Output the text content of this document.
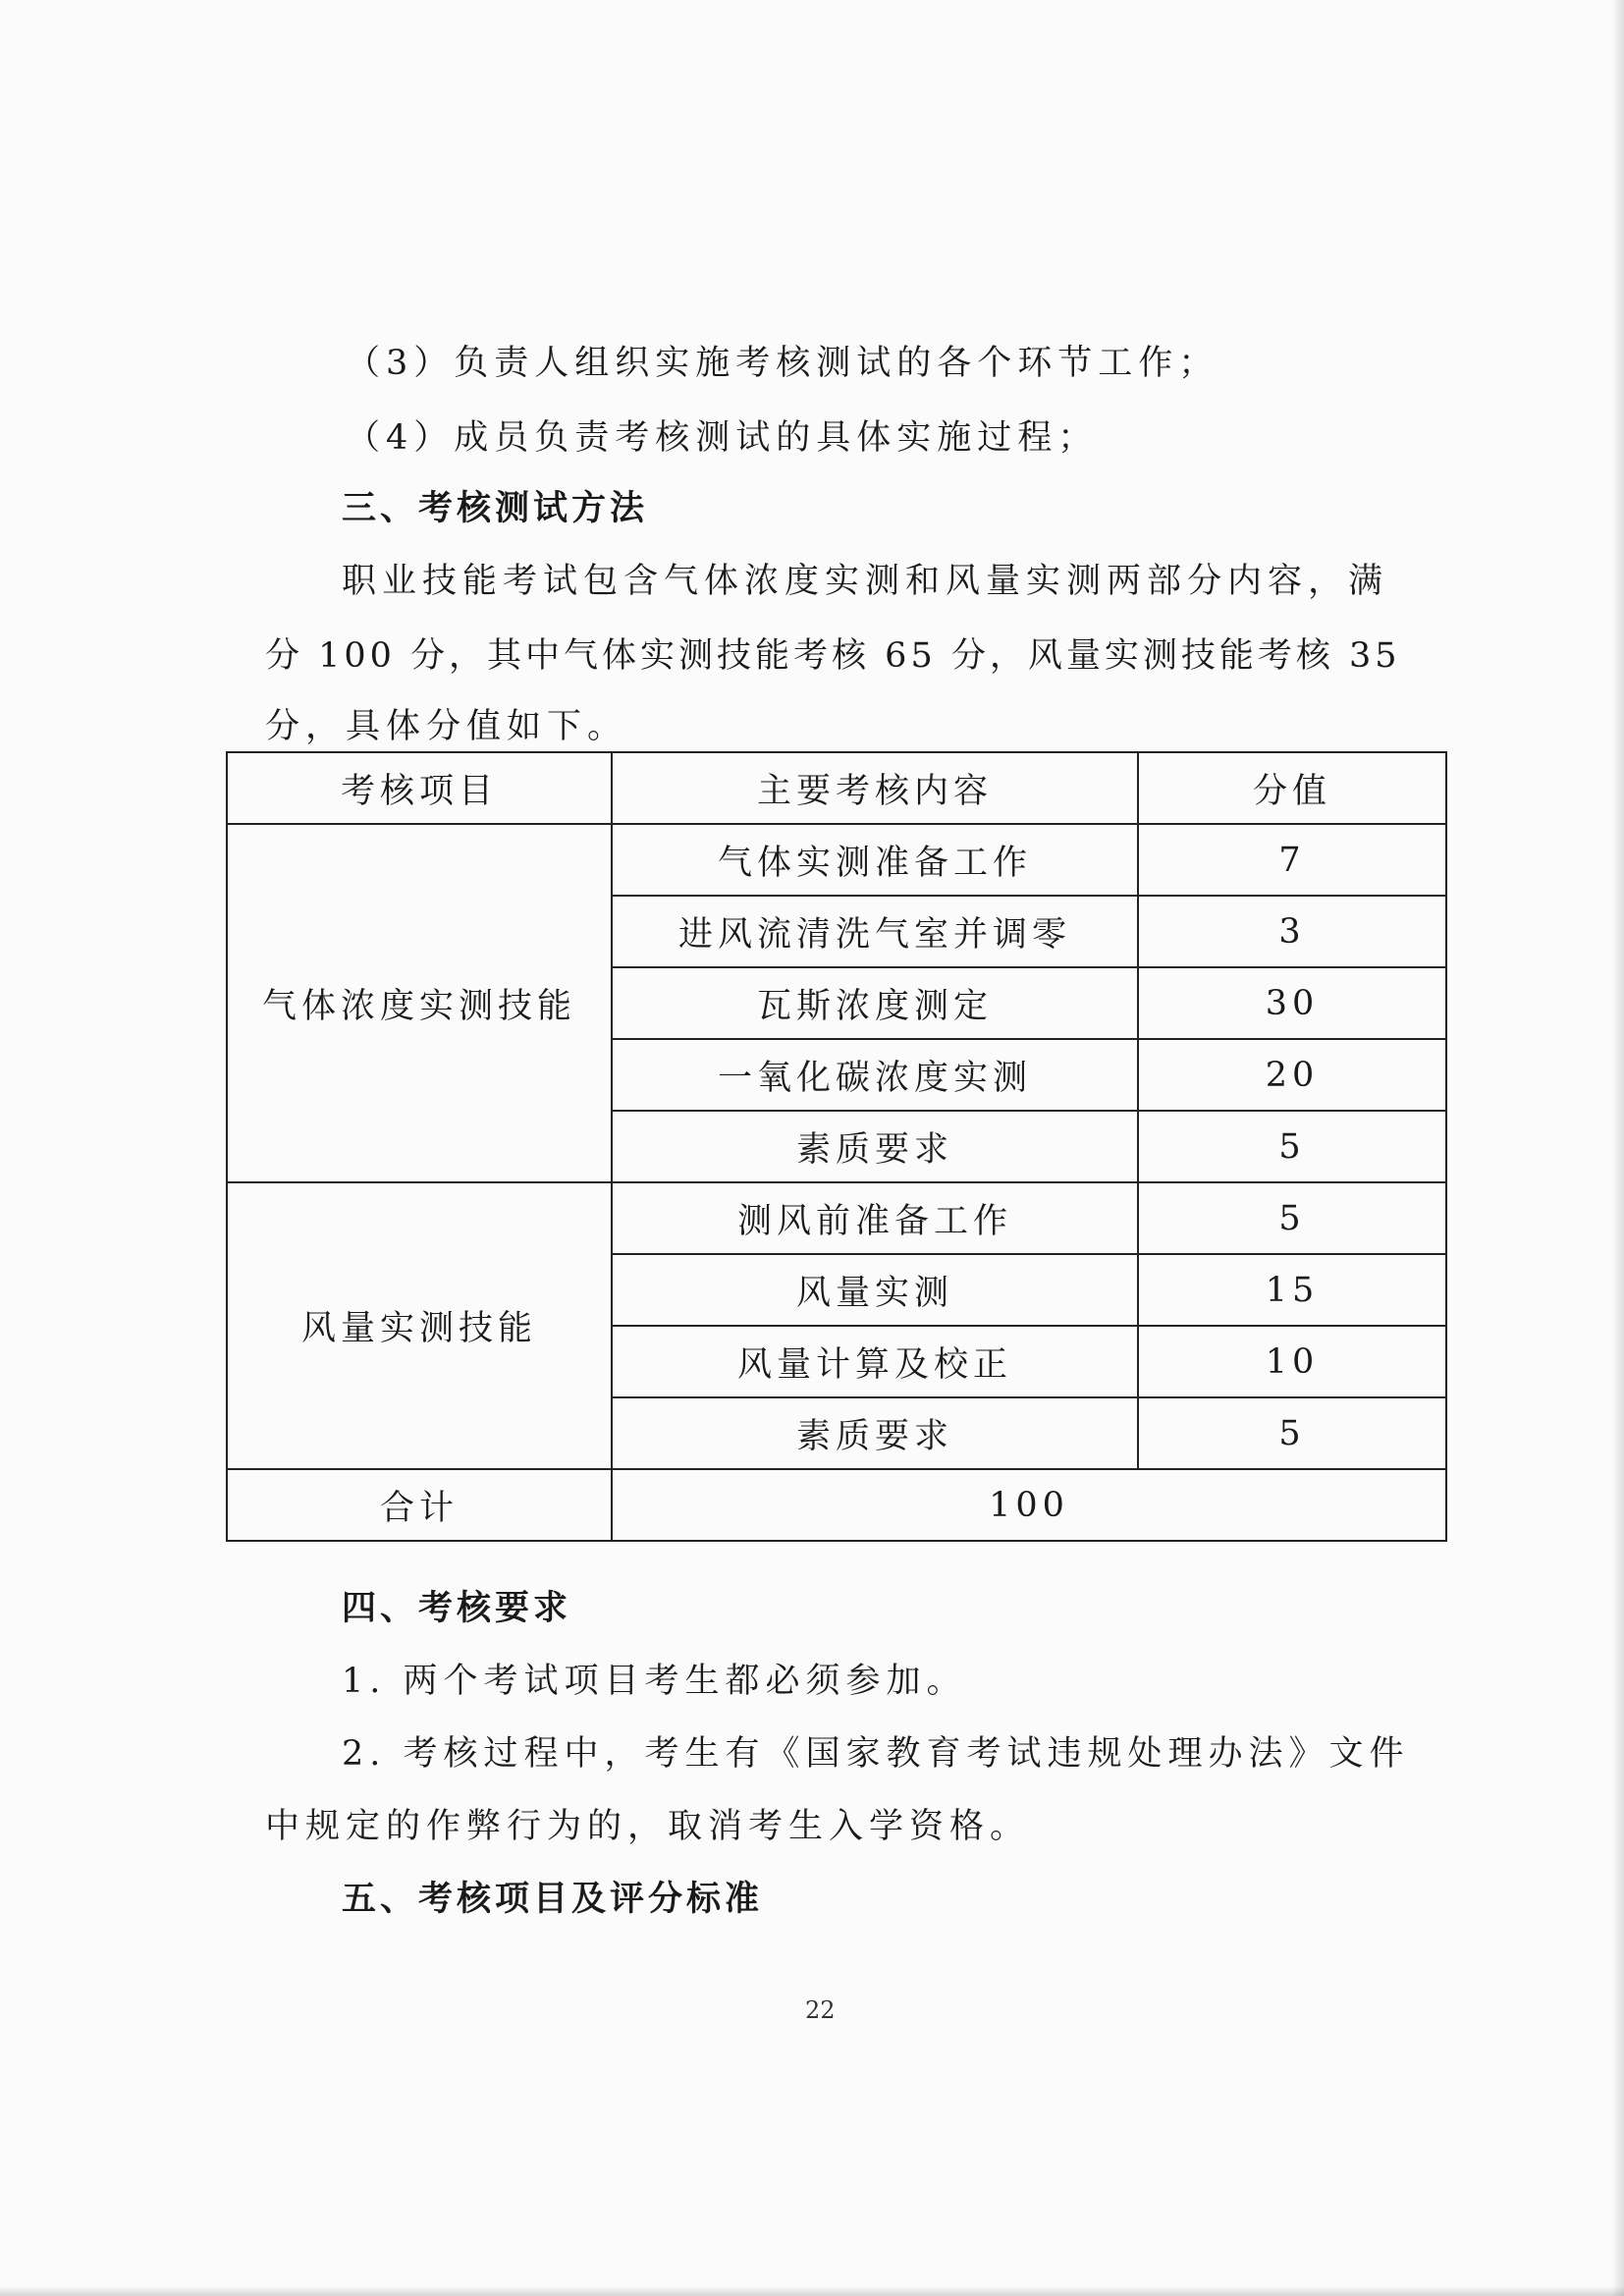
（3）负责人组织实施考核测试的各个环节工作；
（4）成员负责考核测试的具体实施过程；
三、考核测试方法
职业技能考试包含气体浓度实测和风量实测两部分内容，满
分 100 分，其中气体实测技能考核 65 分，风量实测技能考核 35
分，具体分值如下。
考核项目	主要考核内容	分值
气体浓度实测技能	气体实测准备工作	7
	进风流清洗气室并调零	3
	瓦斯浓度测定	30
	一氧化碳浓度实测	20
	素质要求	5
风量实测技能	测风前准备工作	5
	风量实测	15
	风量计算及校正	10
	素质要求	5
合计	100	
四、考核要求
1. 两个考试项目考生都必须参加。
2. 考核过程中，考生有《国家教育考试违规处理办法》文件
中规定的作弊行为的，取消考生入学资格。
五、考核项目及评分标准
22
